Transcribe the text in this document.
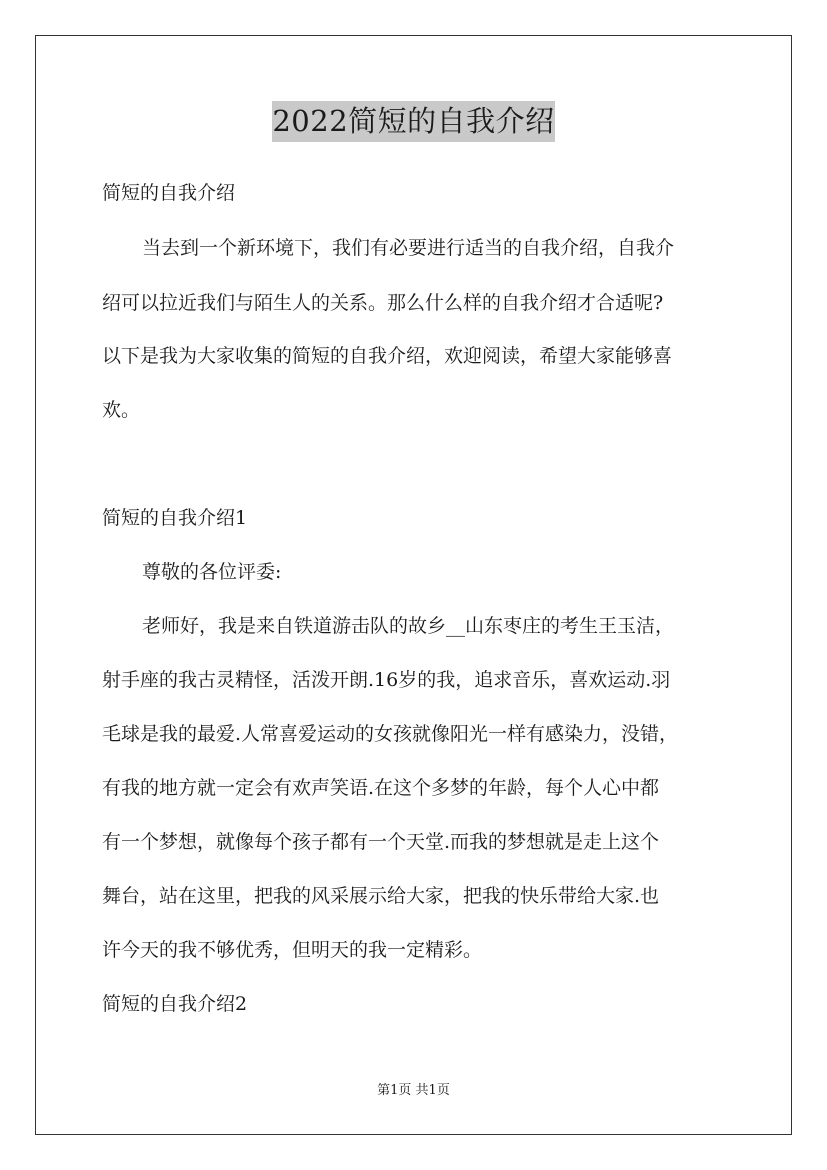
2022简短的自我介绍
简短的自我介绍
当去到一个新环境下，我们有必要进行适当的自我介绍，自我介
绍可以拉近我们与陌生人的关系。那么什么样的自我介绍才合适呢?
以下是我为大家收集的简短的自我介绍，欢迎阅读，希望大家能够喜
欢。
简短的自我介绍1
尊敬的各位评委:
老师好，我是来自铁道游击队的故乡__山东枣庄的考生王玉洁，
射手座的我古灵精怪，活泼开朗.16岁的我，追求音乐，喜欢运动.羽
毛球是我的最爱.人常喜爱运动的女孩就像阳光一样有感染力，没错，
有我的地方就一定会有欢声笑语.在这个多梦的年龄，每个人心中都
有一个梦想，就像每个孩子都有一个天堂.而我的梦想就是走上这个
舞台，站在这里，把我的风采展示给大家，把我的快乐带给大家.也
许今天的我不够优秀，但明天的我一定精彩。
简短的自我介绍2
第1页 共1页
